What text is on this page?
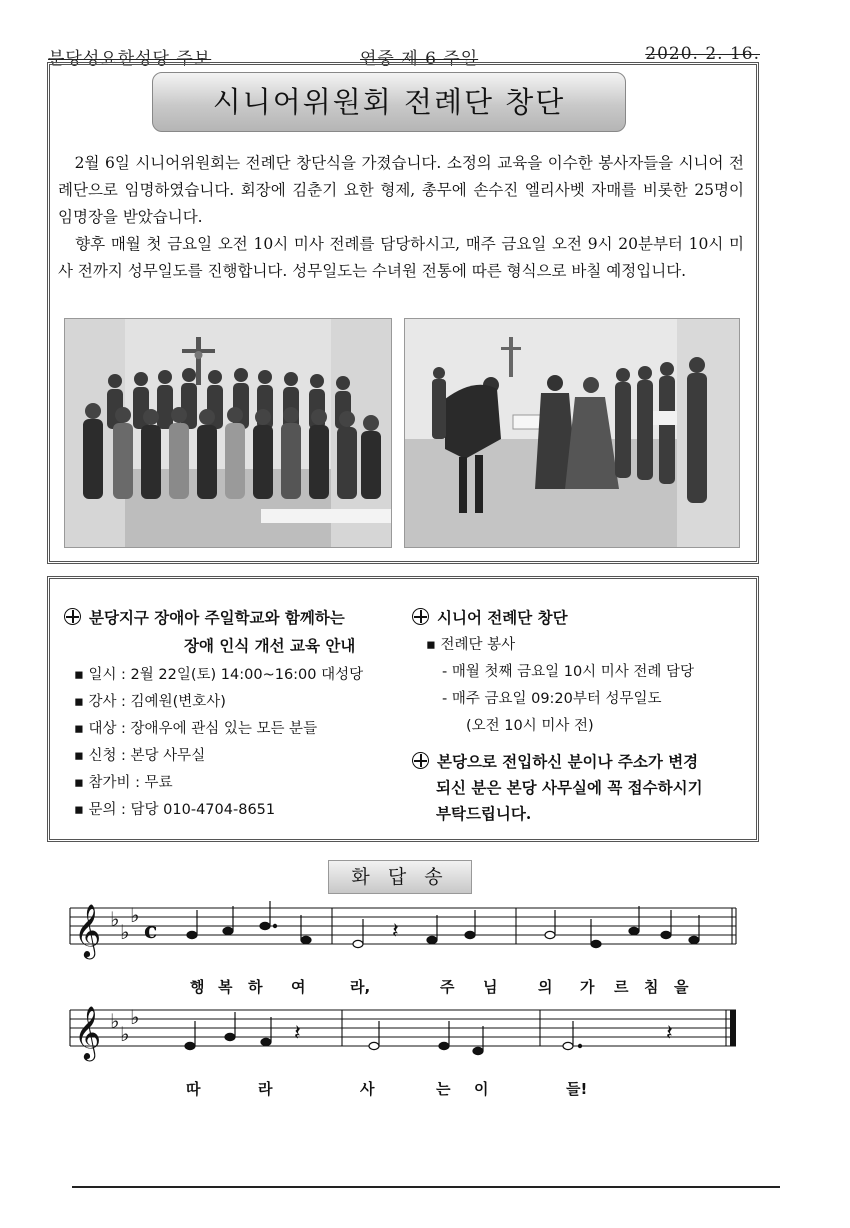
분당성요한성당 주보	연중 제 6 주일	2020. 2. 16.
시니어위원회 전례단 창단
2월 6일 시니어위원회는 전례단 창단식을 가졌습니다. 소정의 교육을 이수한 봉사자들을 시니어 전례단으로 임명하였습니다. 회장에 김춘기 요한 형제, 총무에 손수진 엘리사벳 자매를 비롯한 25명이 임명장을 받았습니다.
향후 매월 첫 금요일 오전 10시 미사 전례를 담당하시고, 매주 금요일 오전 9시 20분부터 10시 미사 전까지 성무일도를 진행합니다. 성무일도는 수녀원 전통에 따른 형식으로 바칠 예정입니다.
분당지구 장애아 주일학교와 함께하는
장애 인식 개선 교육 안내
▪ 일시 : 2월 22일(토) 14:00~16:00 대성당
▪ 강사 : 김예원(변호사)
▪ 대상 : 장애우에 관심 있는 모든 분들
▪ 신청 : 본당 사무실
▪ 참가비 : 무료
▪ 문의 : 담당 010-4704-8651
시니어 전례단 창단
▪ 전례단 봉사
- 매월 첫째 금요일 10시 미사 전례 담당
- 매주 금요일 09:20부터 성무일도
(오전 10시 미사 전)
본당으로 전입하신 분이나 주소가 변경
되신 분은 본당 사무실에 꼭 접수하시기
부탁드립니다.
화 답 송
𝄞
𝄞
♭
♭
♭
♭
♭
♭
c	𝄽
𝄽	𝄽
행 복 하 여	라,	주 님	의 가 르 침 을
따	라	사	는 이	들!
